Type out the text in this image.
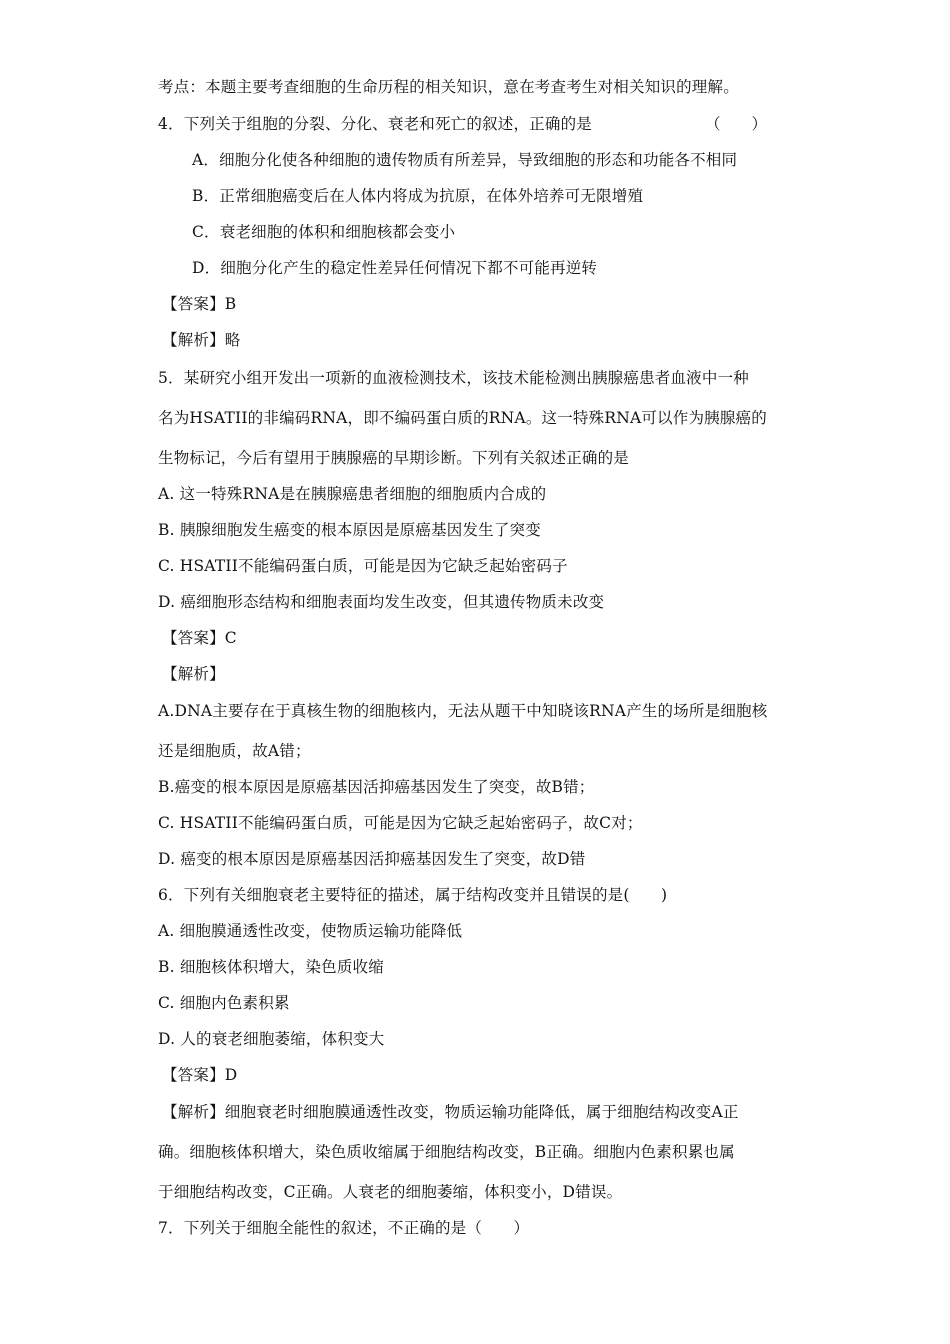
考点：本题主要考查细胞的生命历程的相关知识，意在考查考生对相关知识的理解。
4．下列关于组胞的分裂、分化、衰老和死亡的叙述，正确的是	（　　）
A．细胞分化使各种细胞的遗传物质有所差异，导致细胞的形态和功能各不相同
B．正常细胞癌变后在人体内将成为抗原，在体外培养可无限增殖
C．衰老细胞的体积和细胞核都会变小
D．细胞分化产生的稳定性差异任何情况下都不可能再逆转
【答案】B
【解析】略
5．某研究小组开发出一项新的血液检测技术，该技术能检测出胰腺癌患者血液中一种
名为HSATII的非编码RNA，即不编码蛋白质的RNA。这一特殊RNA可以作为胰腺癌的
生物标记，今后有望用于胰腺癌的早期诊断。下列有关叙述正确的是
A. 这一特殊RNA是在胰腺癌患者细胞的细胞质内合成的
B. 胰腺细胞发生癌变的根本原因是原癌基因发生了突变
C. HSATII不能编码蛋白质，可能是因为它缺乏起始密码子
D. 癌细胞形态结构和细胞表面均发生改变，但其遗传物质未改变
【答案】C
【解析】
A.DNA主要存在于真核生物的细胞核内，无法从题干中知晓该RNA产生的场所是细胞核
还是细胞质，故A错；
B.癌变的根本原因是原癌基因活抑癌基因发生了突变，故B错；
C. HSATII不能编码蛋白质，可能是因为它缺乏起始密码子，故C对；
D. 癌变的根本原因是原癌基因活抑癌基因发生了突变，故D错
6．下列有关细胞衰老主要特征的描述，属于结构改变并且错误的是(　　)
A. 细胞膜通透性改变，使物质运输功能降低
B. 细胞核体积增大，染色质收缩
C. 细胞内色素积累
D. 人的衰老细胞萎缩，体积变大
【答案】D
【解析】细胞衰老时细胞膜通透性改变，物质运输功能降低，属于细胞结构改变A正
确。细胞核体积增大，染色质收缩属于细胞结构改变，B正确。细胞内色素积累也属
于细胞结构改变，C正确。人衰老的细胞萎缩，体积变小，D错误。
7．下列关于细胞全能性的叙述，不正确的是（　　）
